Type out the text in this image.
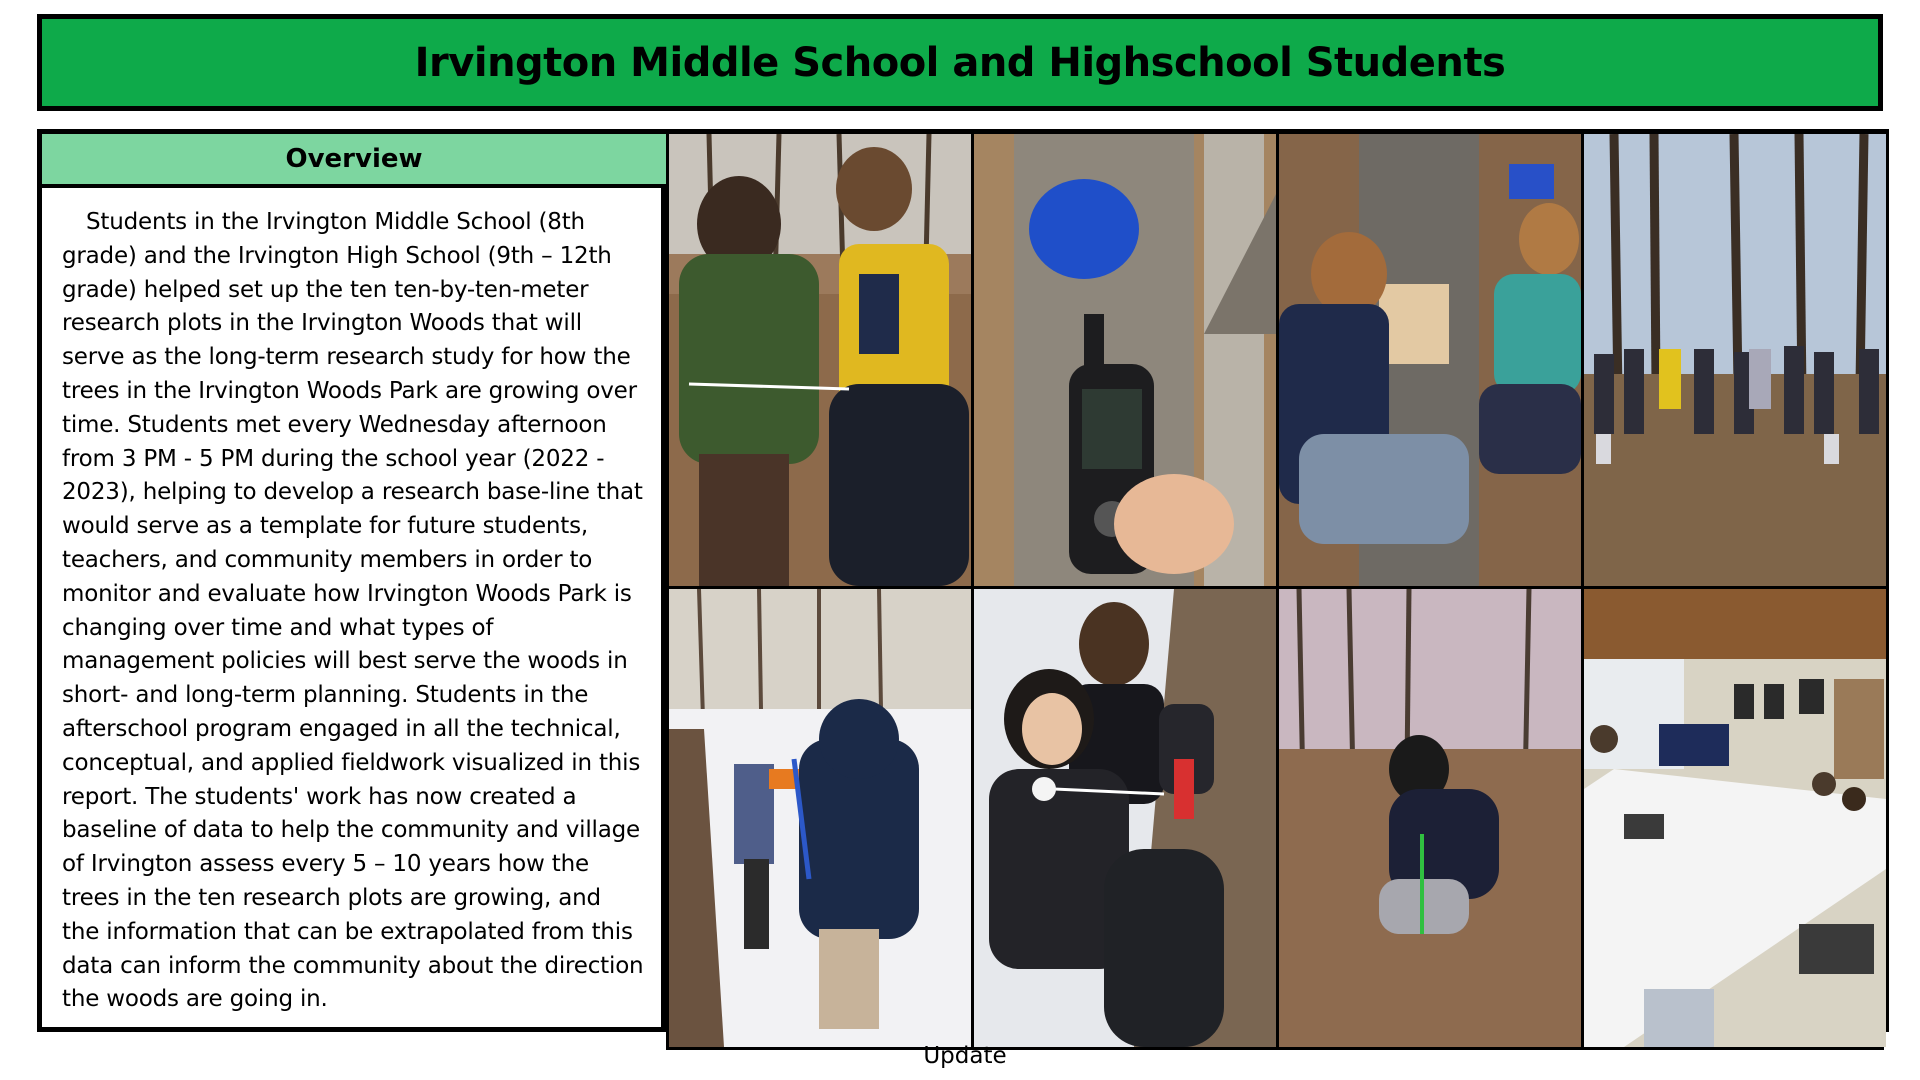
Irvington Middle School and Highschool Students
Overview

Students in the Irvington Middle School (8th grade) and the Irvington High School (9th – 12th grade) helped set up the ten ten-by-ten-meter research plots in the Irvington Woods that will serve as the long-term research study for how the trees in the Irvington Woods Park are growing over time. Students met every Wednesday afternoon from 3 PM - 5 PM during the school year (2022 - 2023), helping to develop a research base-line that would serve as a template for future students, teachers, and community members in order to monitor and evaluate how Irvington Woods Park is changing over time and what types of management policies will best serve the woods in short- and long-term planning. Students in the afterschool program engaged in all the technical, conceptual, and applied fieldwork visualized in this report. The students' work has now created a baseline of data to help the community and village of Irvington assess every 5 – 10 years how the trees in the ten research plots are growing, and the information that can be extrapolated from this data can inform the community about the direction the woods are going in.

Update
